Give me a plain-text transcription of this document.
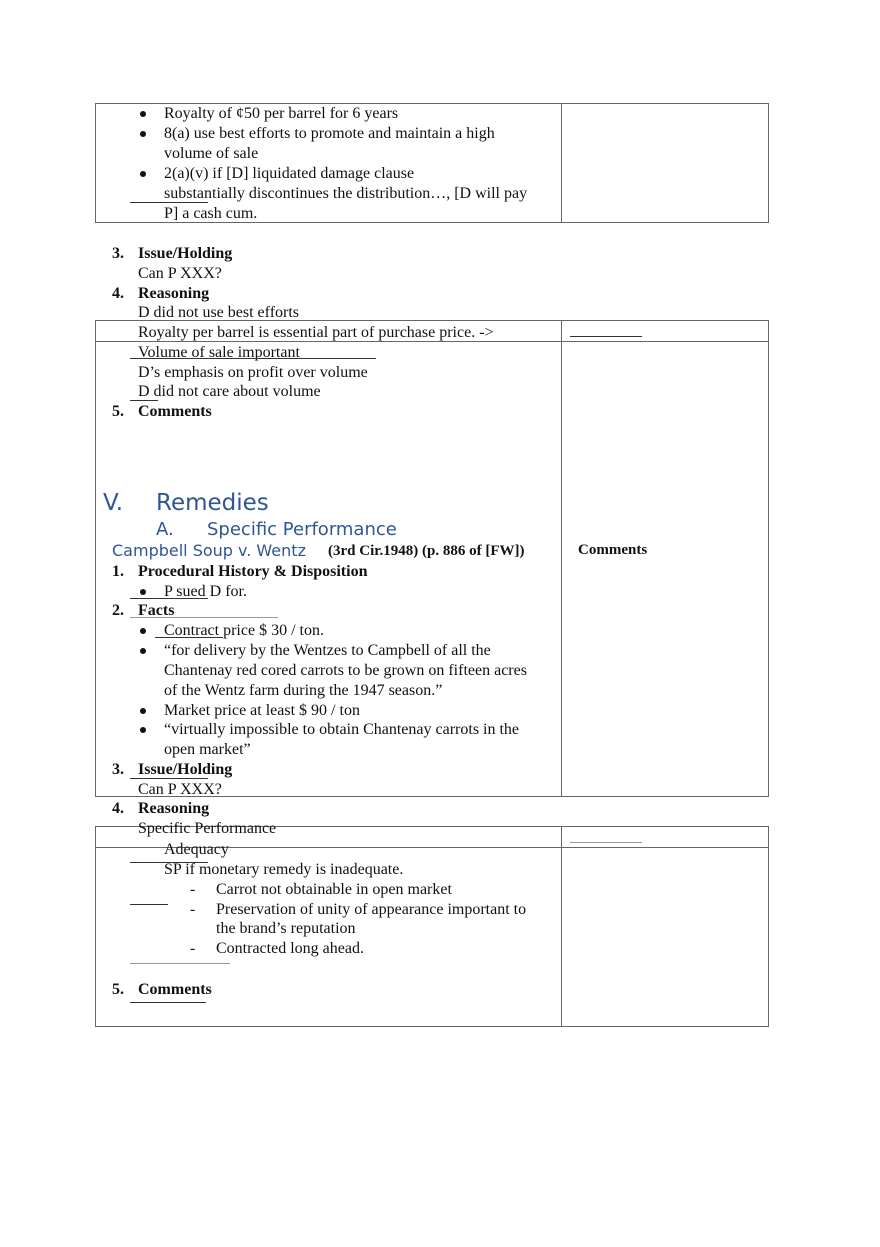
Royalty of ¢50 per barrel for 6 years
8(a) use best efforts to promote and maintain a high
volume of sale
2(a)(v) if [D] liquidated damage clause
substantially discontinues the distribution…, [D will pay
P] a cash cum.
3. Issue/Holding
Can P XXX?
4. Reasoning
D did not use best efforts
Royalty per barrel is essential part of purchase price. ->
Volume of sale important
D’s emphasis on profit over volume
D did not care about volume
5. Comments
V. Remedies
A. Specific Performance
Campbell Soup v. Wentz (3rd Cir.1948) (p. 886 of [FW])	Comments
1. Procedural History & Disposition
P sued D for.
2. Facts
Contract price $ 30 / ton.
“for delivery by the Wentzes to Campbell of all the
Chantenay red cored carrots to be grown on fifteen acres
of the Wentz farm during the 1947 season.”
Market price at least $ 90 / ton
“virtually impossible to obtain Chantenay carrots in the
open market”
3. Issue/Holding
Can P XXX?
4. Reasoning
Specific Performance
Adequacy
SP if monetary remedy is inadequate.
- Carrot not obtainable in open market
- Preservation of unity of appearance important to
the brand’s reputation
- Contracted long ahead.
5. Comments
